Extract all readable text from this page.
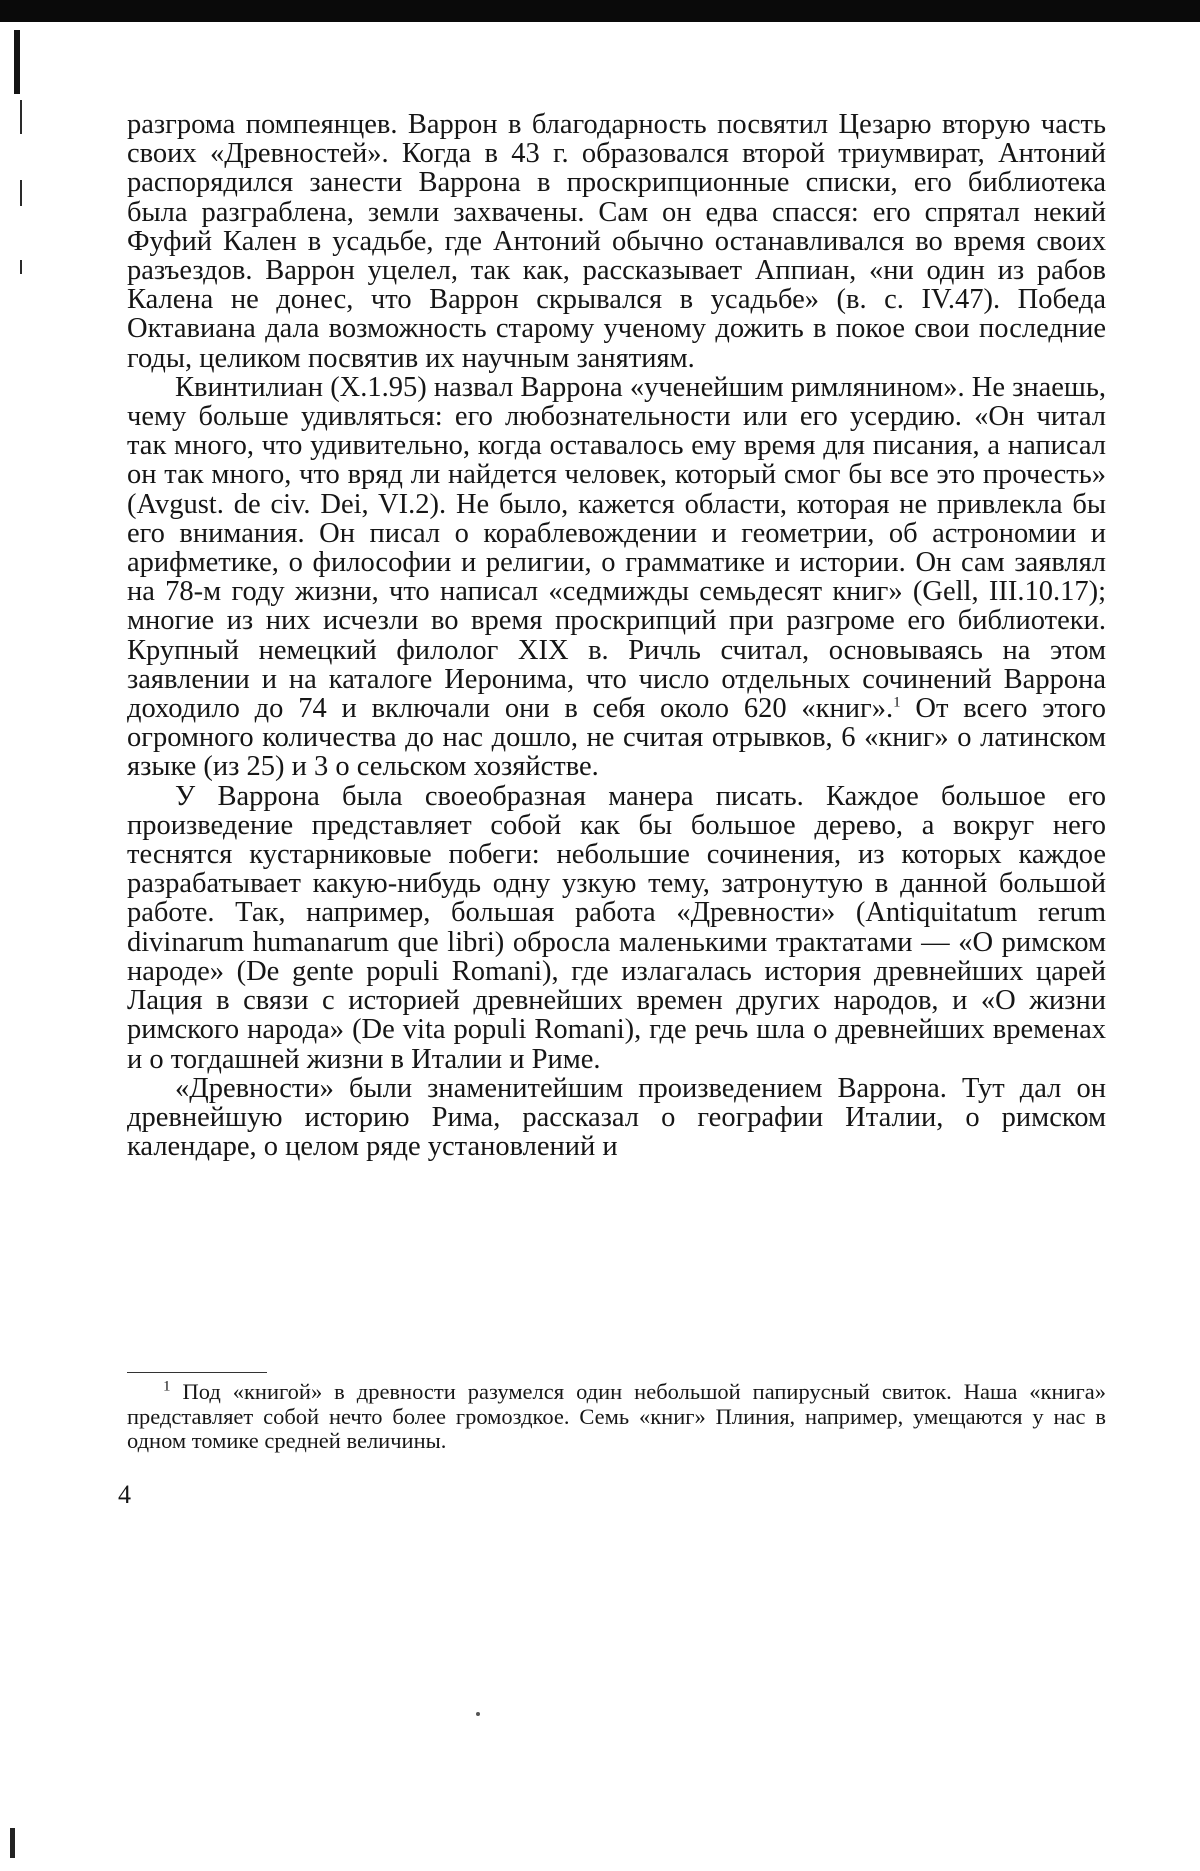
разгрома помпеянцев. Варрон в благодарность посвятил Цезарю вторую часть своих «Древностей». Когда в 43 г. образовался второй триумвират, Антоний распорядился занести Варрона в проскрипционные списки, его библиотека была разграблена, земли захвачены. Сам он едва спасся: его спрятал некий Фуфий Кален в усадьбе, где Антоний обычно останавливался во время своих разъездов. Варрон уцелел, так как, рассказывает Аппиан, «ни один из рабов Калена не донес, что Варрон скрывался в усадьбе» (в. с. IV.47). Победа Октавиана дала возможность старому ученому дожить в покое свои последние годы, целиком посвятив их научным занятиям.

Квинтилиан (X.1.95) назвал Варрона «ученейшим римлянином». Не знаешь, чему больше удивляться: его любознательности или его усердию. «Он читал так много, что удивительно, когда оставалось ему время для писания, а написал он так много, что вряд ли найдется человек, который смог бы все это прочесть» (Avgust. de civ. Dei, VI.2). Не было, кажется области, которая не привлекла бы его внимания. Он писал о кораблевождении и геометрии, об астрономии и арифметике, о философии и религии, о грамматике и истории. Он сам заявлял на 78-м году жизни, что написал «седмижды семьдесят книг» (Gell, III.10.17); многие из них исчезли во время проскрипций при разгроме его библиотеки. Крупный немецкий филолог XIX в. Ричль считал, основываясь на этом заявлении и на каталоге Иеронима, что число отдельных сочинений Варрона доходило до 74 и включали они в себя около 620 «книг».$^1$ От всего этого огромного количества до нас дошло, не считая отрывков, 6 «книг» о латинском языке (из 25) и 3 о сельском хозяйстве.

У Варрона была своеобразная манера писать. Каждое большое его произведение представляет собой как бы большое дерево, а вокруг него теснятся кустарниковые побеги: небольшие сочинения, из которых каждое разрабатывает какую-нибудь одну узкую тему, затронутую в данной большой работе. Так, например, большая работа «Древности» (Antiquitatum rerum divinarum humanarum que libri) обросла маленькими трактатами — «О римском народе» (De gente populi Romani), где излагалась история древнейших царей Лация в связи с историей древнейших времен других народов, и «О жизни римского народа» (De vita populi Romani), где речь шла о древнейших временах и о тогдашней жизни в Италии и Риме.

«Древности» были знаменитейшим произведением Варрона. Тут дал он древнейшую историю Рима, рассказал о географии Италии, о римском календаре, о целом ряде установлений и

$^1$ Под «книгой» в древности разумелся один небольшой папирусный свиток. Наша «книга» представляет собой нечто более громоздкое. Семь «книг» Плиния, например, умещаются у нас в одном томике средней величины.

4
